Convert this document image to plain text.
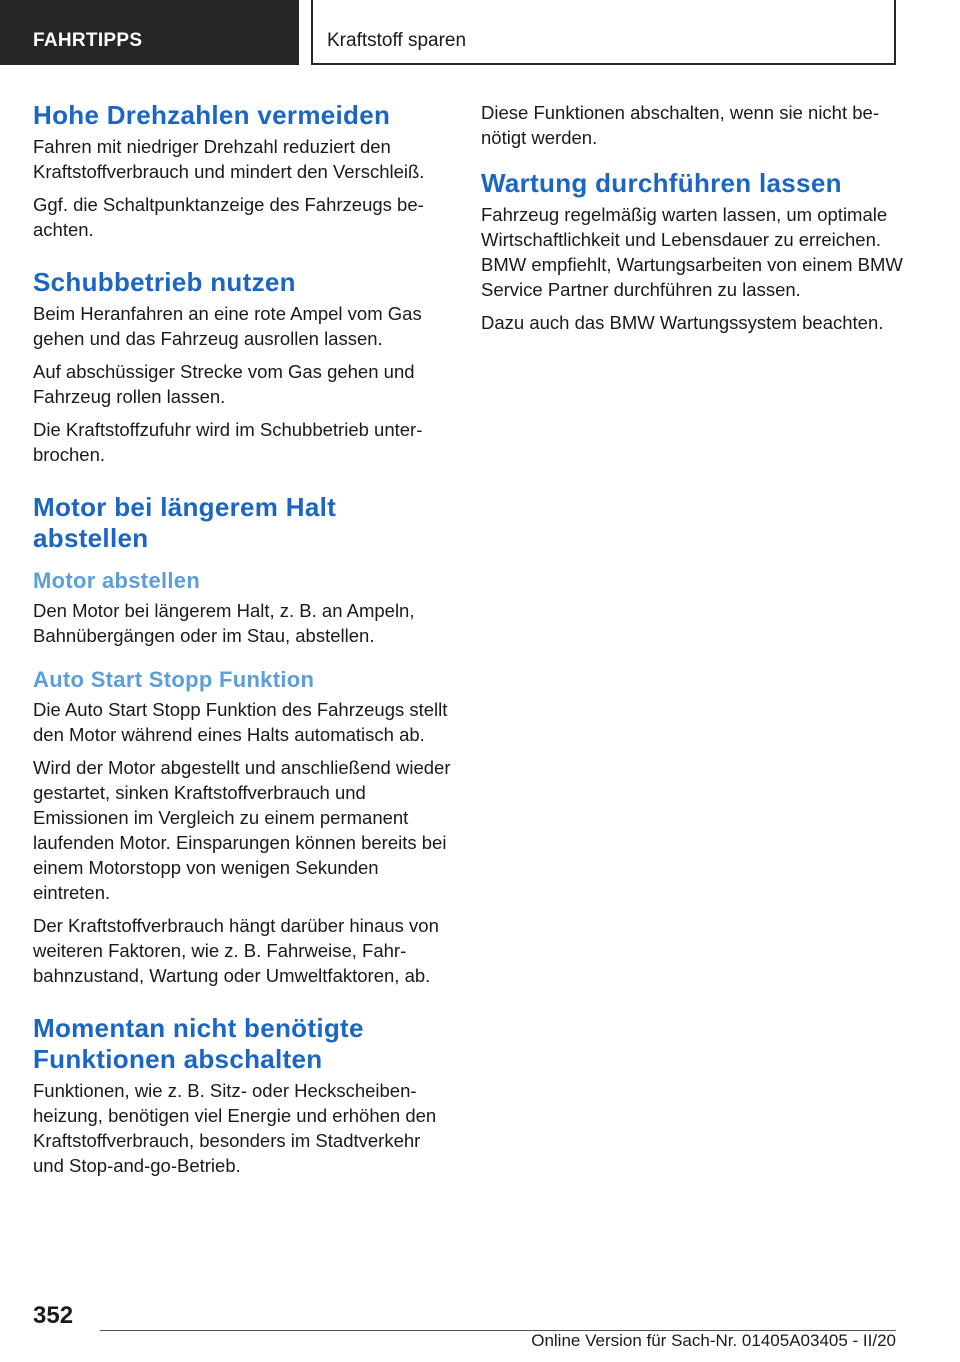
FAHRTIPPS	Kraftstoff sparen
Hohe Drehzahlen vermeiden

Fahren mit niedriger Drehzahl reduziert den Kraftstoffverbrauch und mindert den Verschleiß.

Ggf. die Schaltpunktanzeige des Fahrzeugs beachten.

Schubbetrieb nutzen

Beim Heranfahren an eine rote Ampel vom Gas gehen und das Fahrzeug ausrollen lassen.

Auf abschüssiger Strecke vom Gas gehen und Fahrzeug rollen lassen.

Die Kraftstoffzufuhr wird im Schubbetrieb unterbrochen.

Motor bei längerem Halt
abstellen
Motor abstellen

Den Motor bei längerem Halt, z. B. an Ampeln, Bahnübergängen oder im Stau, abstellen.

Auto Start Stopp Funktion

Die Auto Start Stopp Funktion des Fahrzeugs stellt den Motor während eines Halts automatisch ab.

Wird der Motor abgestellt und anschließend wieder gestartet, sinken Kraftstoffverbrauch und Emissionen im Vergleich zu einem permanent laufenden Motor. Einsparungen können bereits bei einem Motorstopp von wenigen Sekunden eintreten.

Der Kraftstoffverbrauch hängt darüber hinaus von weiteren Faktoren, wie z. B. Fahrweise, Fahrbahnzustand, Wartung oder Umweltfaktoren, ab.

Momentan nicht benötigte
Funktionen abschalten

Funktionen, wie z. B. Sitz- oder Heckscheibenheizung, benötigen viel Energie und erhöhen den Kraftstoffverbrauch, besonders im Stadtverkehr und Stop-and-go-Betrieb.

Diese Funktionen abschalten, wenn sie nicht benötigt werden.

Wartung durchführen lassen

Fahrzeug regelmäßig warten lassen, um optimale Wirtschaftlichkeit und Lebensdauer zu erreichen. BMW empfiehlt, Wartungsarbeiten von einem BMW Service Partner durchführen zu lassen.

Dazu auch das BMW Wartungssystem beachten.

352
Online Version für Sach-Nr. 01405A03405 - II/20
